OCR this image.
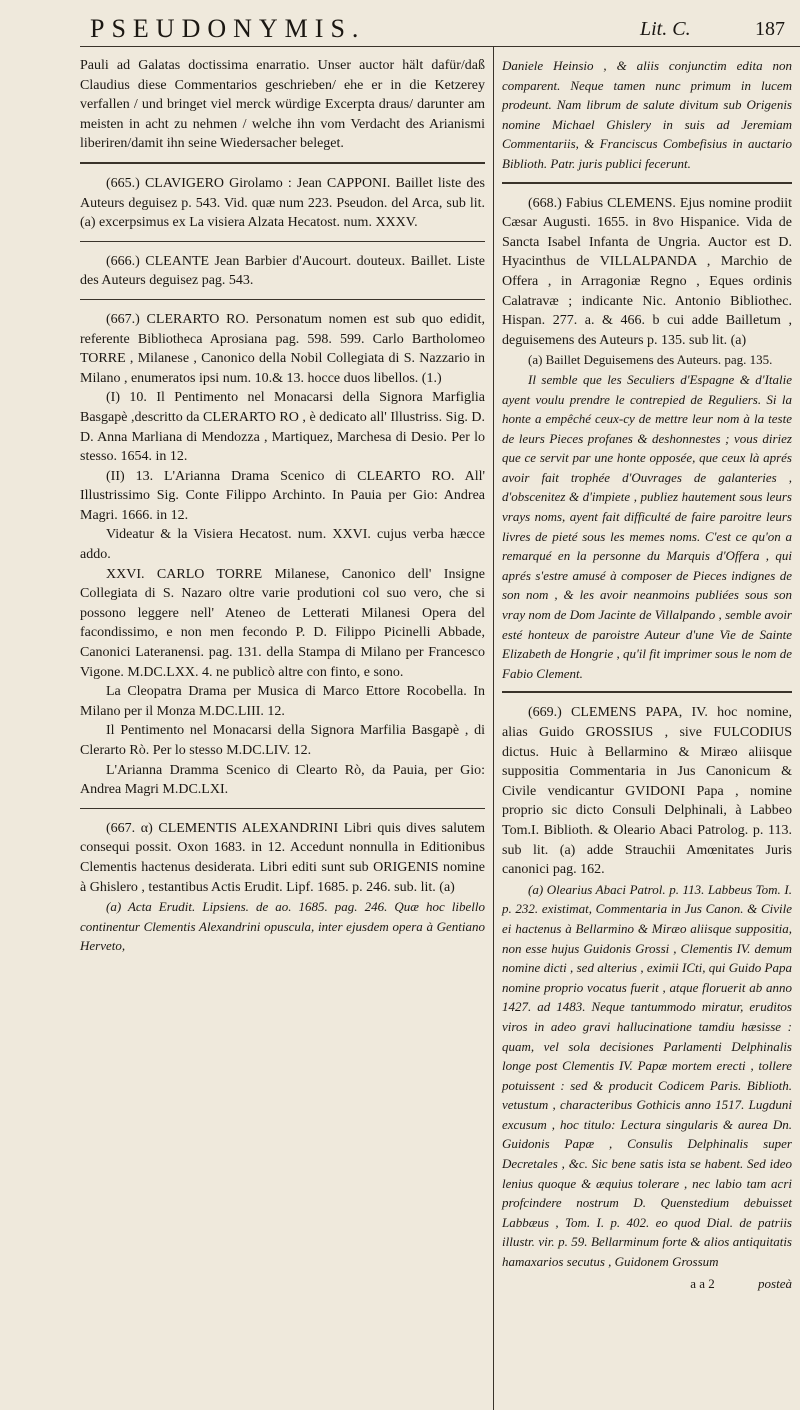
PSEUDONYMIS.	Lit. C.	187

Pauli ad Galatas doctissima enarratio. Unser auctor hält dafür/daß Claudius diese Commentarios geschrieben/ ehe er in die Ketzerey verfallen / und bringet viel merck würdige Excerpta draus/ darunter am meisten in acht zu nehmen / welche ihn vom Verdacht des Arianismi liberiren/damit ihn seine Wiedersacher beleget.

(665.) CLAVIGERO Girolamo : Jean CAPPONI. Baillet liste des Auteurs deguisez p. 543. Vid. quæ num 223. Pseudon. del Arca, sub lit. (a) excerpsimus ex La visiera Alzata Hecatost. num. XXXV.

(666.) CLEANTE Jean Barbier d'Aucourt. douteux. Baillet. Liste des Auteurs deguisez pag. 543.

(667.) CLERARTO RO. Personatum nomen est sub quo edidit, referente Bibliotheca Aprosiana pag. 598. 599. Carlo Bartholomeo TORRE , Milanese , Canonico della Nobil Collegiata di S. Nazzario in Milano , enumeratos ipsi num. 10.& 13. hocce duos libellos. (1.)

(I) 10. Il Pentimento nel Monacarsi della Signora Marfiglia Basgapè ,descritto da CLERARTO RO , è dedicato all' Illustriss. Sig. D. D. Anna Marliana di Mendozza , Martiquez, Marchesa di Desio. Per lo stesso. 1654. in 12.

(II) 13. L'Arianna Drama Scenico di CLEARTO RO. All' Illustrissimo Sig. Conte Filippo Archinto. In Pauia per Gio: Andrea Magri. 1666. in 12.

Videatur & la Visiera Hecatost. num. XXVI. cujus verba hæcce addo.

XXVI. CARLO TORRE Milanese, Canonico dell' Insigne Collegiata di S. Nazaro oltre varie produtioni col suo vero, che si possono leggere nell' Ateneo de Letterati Milanesi Opera del facondissimo, e non men fecondo P. D. Filippo Picinelli Abbade, Canonici Lateranensi. pag. 131. della Stampa di Milano per Francesco Vigone. M.DC.LXX. 4. ne publicò altre con finto, e sono.

La Cleopatra Drama per Musica di Marco Ettore Rocobella. In Milano per il Monza M.DC.LIII. 12.

Il Pentimento nel Monacarsi della Signora Marfilia Basgapè , di Clerarto Rò. Per lo stesso M.DC.LIV. 12.

L'Arianna Dramma Scenico di Clearto Rò, da Pauia, per Gio: Andrea Magri M.DC.LXI.

(667. α) CLEMENTIS ALEXANDRINI Libri quis dives salutem consequi possit. Oxon 1683. in 12. Accedunt nonnulla in Editionibus Clementis hactenus desiderata. Libri editi sunt sub ORIGENIS nomine à Ghislero , testantibus Actis Erudit. Lipf. 1685. p. 246. sub. lit. (a)

(a) Acta Erudit. Lipsiens. de ao. 1685. pag. 246. Quæ hoc libello continentur Clementis Alexandrini opuscula, inter ejusdem opera à Gentiano Herveto,

Daniele Heinsio , & aliis conjunctim edita non comparent. Neque tamen nunc primum in lucem prodeunt. Nam librum de salute divitum sub Origenis nomine Michael Ghislery in suis ad Jeremiam Commentariis, & Franciscus Combefisius in auctario Biblioth. Patr. juris publici fecerunt.

(668.) Fabius CLEMENS. Ejus nomine prodiit Cæsar Augusti. 1655. in 8vo Hispanice. Vida de Sancta Isabel Infanta de Ungria. Auctor est D. Hyacinthus de VILLALPANDA , Marchio de Offera , in Arragoniæ Regno , Eques ordinis Calatravæ ; indicante Nic. Antonio Bibliothec. Hispan. 277. a. & 466. b cui adde Bailletum , deguisemens des Auteurs p. 135. sub lit. (a)

(a) Baillet Deguisemens des Auteurs. pag. 135.

Il semble que les Seculiers d'Espagne & d'Italie ayent voulu prendre le contrepied de Reguliers. Si la honte a empêché ceux-cy de mettre leur nom à la teste de leurs Pieces profanes & deshonnestes ; vous diriez que ce servit par une honte opposée, que ceux là aprés avoir fait trophée d'Ouvrages de galanteries , d'obscenitez & d'impiete , publiez hautement sous leurs vrays noms, ayent fait difficulté de faire paroitre leurs livres de pieté sous les memes noms. C'est ce qu'on a remarqué en la personne du Marquis d'Offera , qui aprés s'estre amusé à composer de Pieces indignes de son nom , & les avoir neanmoins publiées sous son vray nom de Dom Jacinte de Villalpando , semble avoir esté honteux de paroistre Auteur d'une Vie de Sainte Elizabeth de Hongrie , qu'il fit imprimer sous le nom de Fabio Clement.

(669.) CLEMENS PAPA, IV. hoc nomine, alias Guido GROSSIUS , sive FULCODIUS dictus. Huic à Bellarmino & Miræo aliisque suppositia Commentaria in Jus Canonicum & Civile vendicantur GVIDONI Papa , nomine proprio sic dicto Consuli Delphinali, à Labbeo Tom.I. Biblioth. & Oleario Abaci Patrolog. p. 113. sub lit. (a) adde Strauchii Amœnitates Juris canonici pag. 162.

(a) Olearius Abaci Patrol. p. 113. Labbeus Tom. I. p. 232. existimat, Commentaria in Jus Canon. & Civile ei hactenus à Bellarmino & Miræo aliisque suppositia, non esse hujus Guidonis Grossi , Clementis IV. demum nomine dicti , sed alterius , eximii ICti, qui Guido Papa nomine proprio vocatus fuerit , atque floruerit ab anno 1427. ad 1483. Neque tantummodo miratur, eruditos viros in adeo gravi hallucinatione tamdiu hæsisse : quam, vel sola decisiones Parlamenti Delphinalis longe post Clementis IV. Papæ mortem erecti , tollere potuissent : sed & producit Codicem Paris. Biblioth. vetustum , characteribus Gothicis anno 1517. Lugduni excusum , hoc titulo: Lectura singularis & aurea Dn. Guidonis Papæ , Consulis Delphinalis super Decretales , &c. Sic bene satis ista se habent. Sed ideo lenius quoque & æquius tolerare , nec labio tam acri profcindere nostrum D. Quenstedium debuisset Labbæus , Tom. I. p. 402. eo quod Dial. de patriis illustr. vir. p. 59. Bellarminum forte & alios antiquitatis hamaxarios secutus , Guidonem Grossum

a a 2	posteà
